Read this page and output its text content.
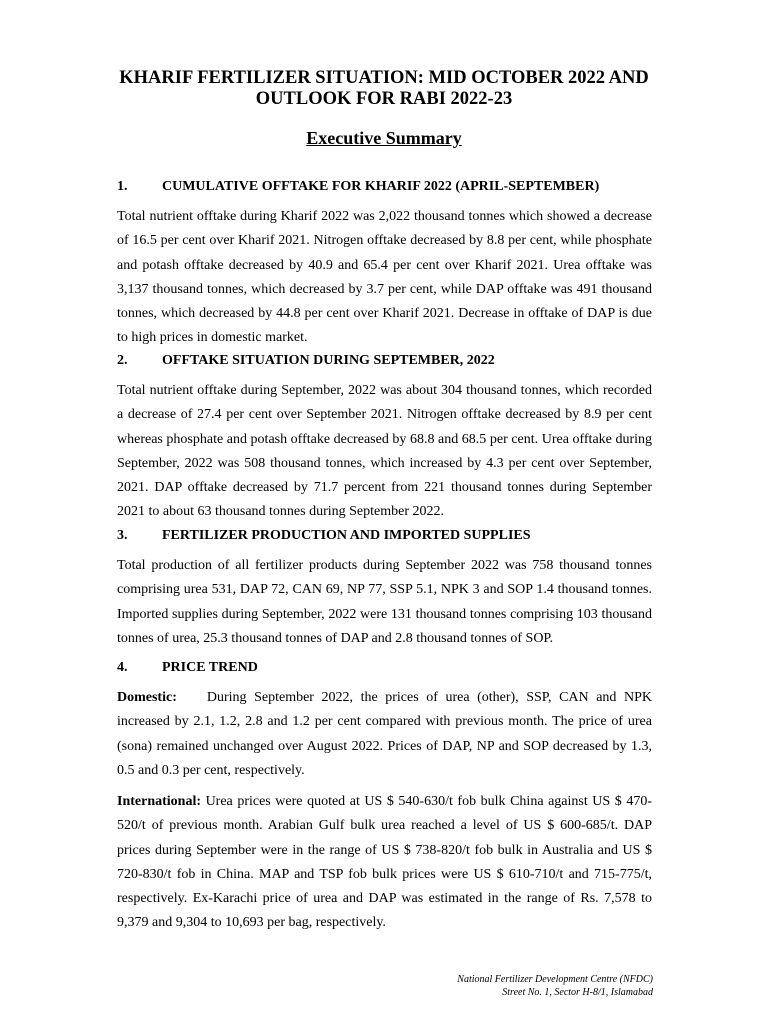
KHARIF FERTILIZER SITUATION: MID OCTOBER 2022 AND
OUTLOOK FOR RABI 2022-23
Executive Summary
1. CUMULATIVE OFFTAKE FOR KHARIF 2022 (APRIL-SEPTEMBER)

Total nutrient offtake during Kharif 2022 was 2,022 thousand tonnes which showed a decrease of 16.5 per cent over Kharif 2021. Nitrogen offtake decreased by 8.8 per cent, while phosphate and potash offtake decreased by 40.9 and 65.4 per cent over Kharif 2021. Urea offtake was 3,137 thousand tonnes, which decreased by 3.7 per cent, while DAP offtake was 491 thousand tonnes, which decreased by 44.8 per cent over Kharif 2021. Decrease in offtake of DAP is due to high prices in domestic market.

2. OFFTAKE SITUATION DURING SEPTEMBER, 2022

Total nutrient offtake during September, 2022 was about 304 thousand tonnes, which recorded a decrease of 27.4 per cent over September 2021. Nitrogen offtake decreased by 8.9 per cent whereas phosphate and potash offtake decreased by 68.8 and 68.5 per cent. Urea offtake during September, 2022 was 508 thousand tonnes, which increased by 4.3 per cent over September, 2021. DAP offtake decreased by 71.7 percent from 221 thousand tonnes during September 2021 to about 63 thousand tonnes during September 2022.

3. FERTILIZER PRODUCTION AND IMPORTED SUPPLIES

Total production of all fertilizer products during September 2022 was 758 thousand tonnes comprising urea 531, DAP 72, CAN 69, NP 77, SSP 5.1, NPK 3 and SOP 1.4 thousand tonnes. Imported supplies during September, 2022 were 131 thousand tonnes comprising 103 thousand tonnes of urea, 25.3 thousand tonnes of DAP and 2.8 thousand tonnes of SOP.

4. PRICE TREND

Domestic: During September 2022, the prices of urea (other), SSP, CAN and NPK increased by 2.1, 1.2, 2.8 and 1.2 per cent compared with previous month. The price of urea (sona) remained unchanged over August 2022. Prices of DAP, NP and SOP decreased by 1.3, 0.5 and 0.3 per cent, respectively.

International: Urea prices were quoted at US $ 540-630/t fob bulk China against US $ 470-520/t of previous month. Arabian Gulf bulk urea reached a level of US $ 600-685/t. DAP prices during September were in the range of US $ 738-820/t fob bulk in Australia and US $ 720-830/t fob in China. MAP and TSP fob bulk prices were US $ 610-710/t and 715-775/t, respectively. Ex-Karachi price of urea and DAP was estimated in the range of Rs. 7,578 to 9,379 and 9,304 to 10,693 per bag, respectively.

National Fertilizer Development Centre (NFDC)
Street No. 1, Sector H-8/1, Islamabad
